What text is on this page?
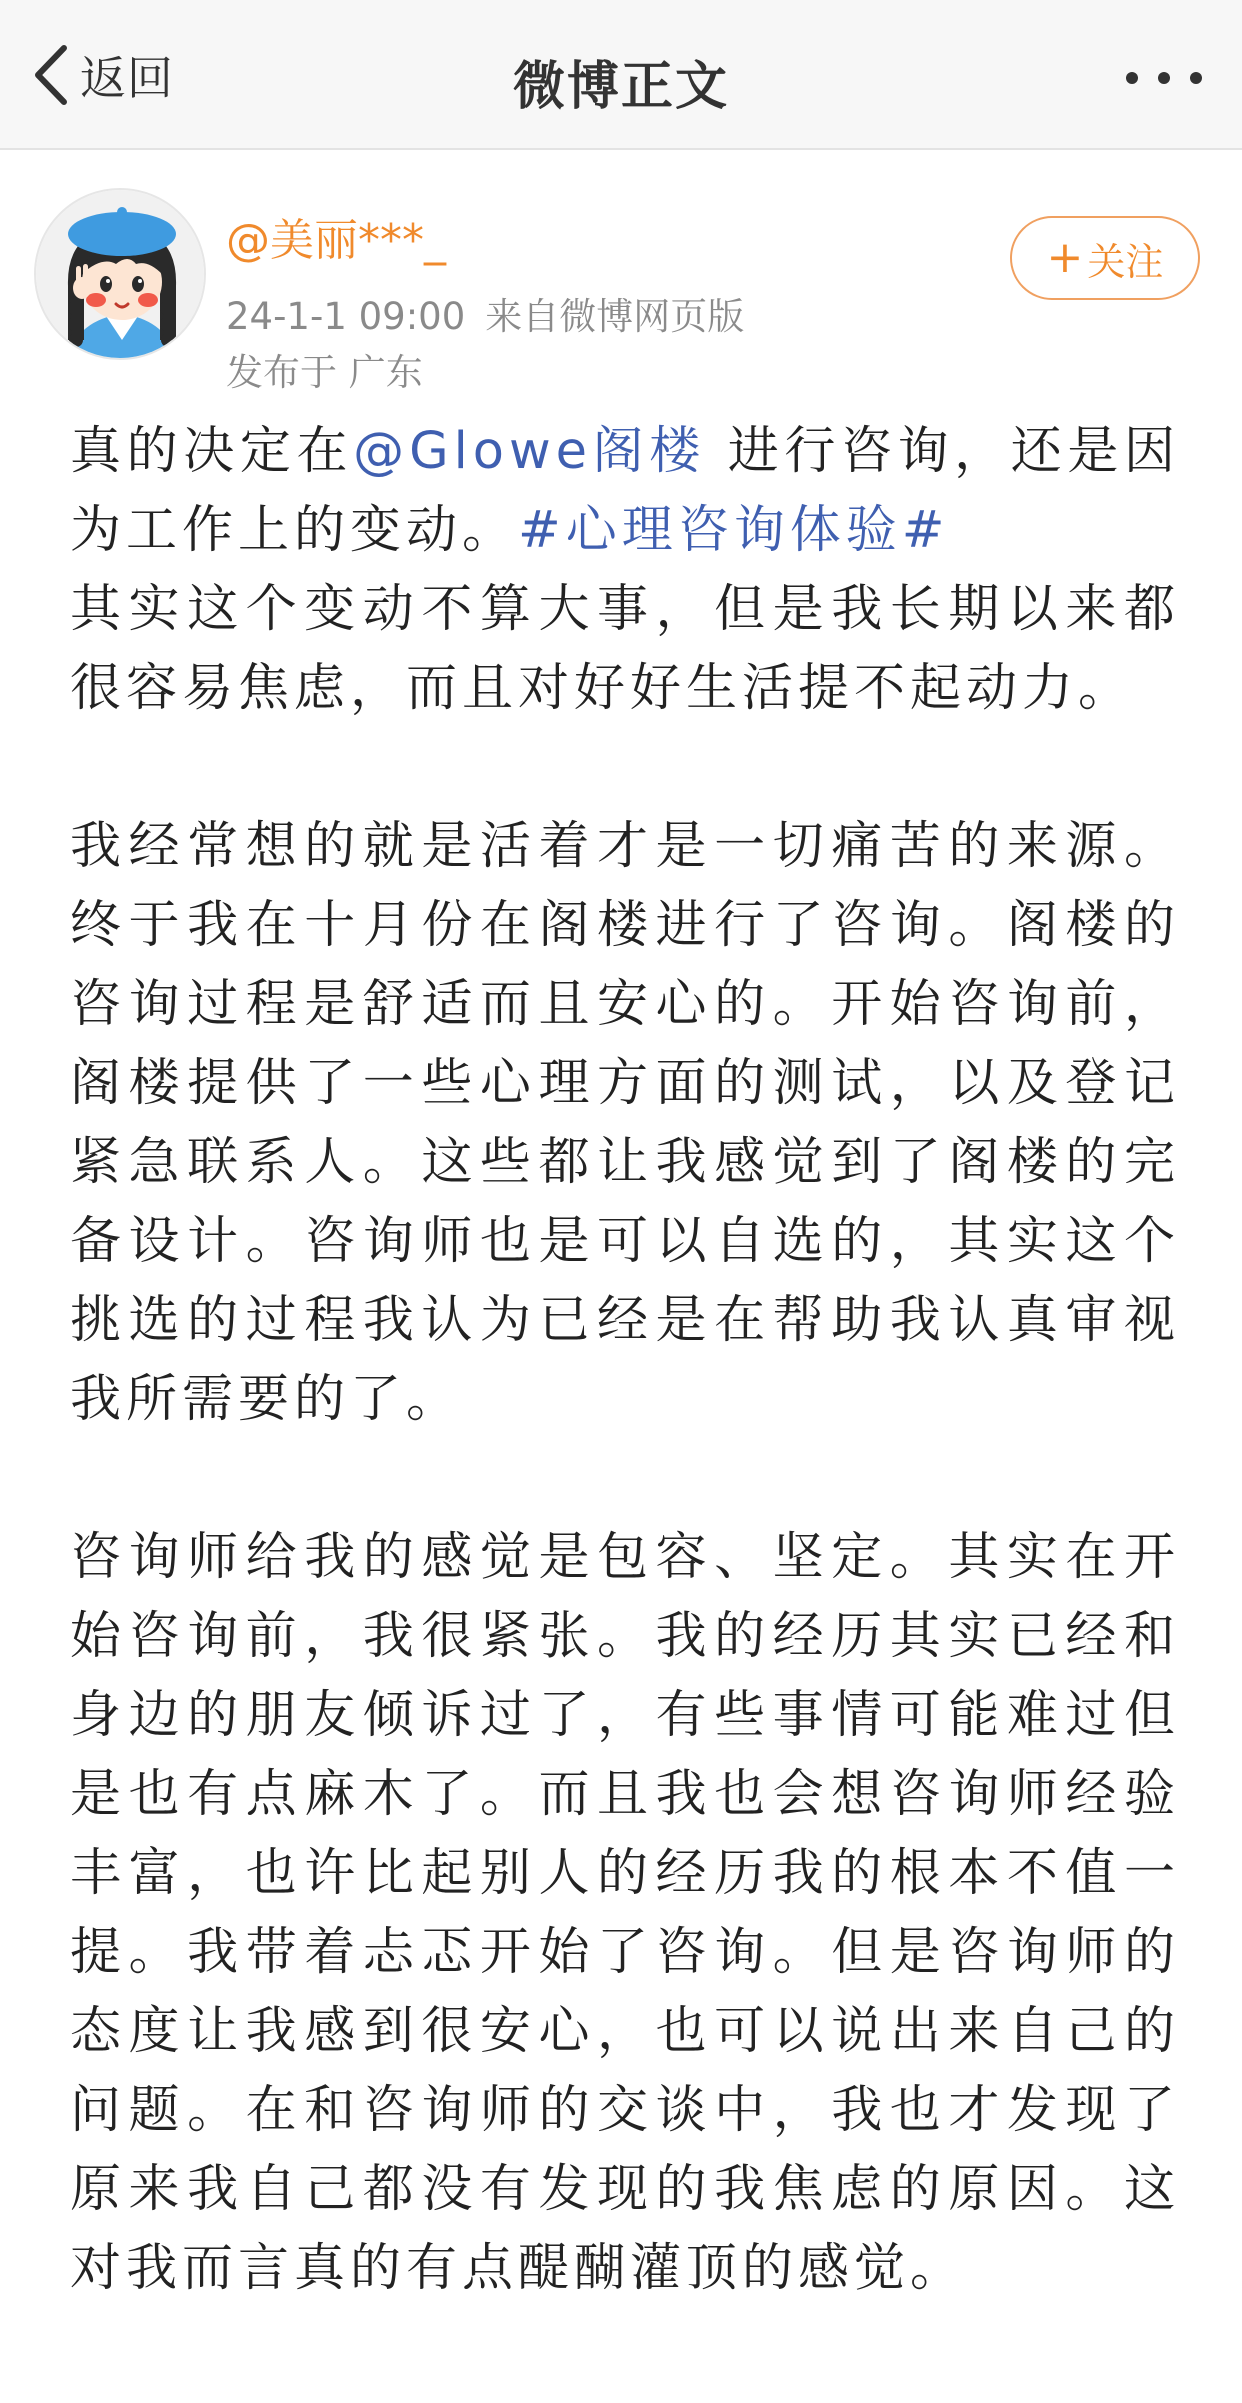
返回	微博正文
@美丽***_
24-1-1 09:00 来自微博网页版
发布于 广东
+ 关注

真的决定在@Glowe阁楼 进行咨询，还是因为工作上的变动。#心理咨询体验#
其实这个变动不算大事，但是我长期以来都很容易焦虑，而且对好好生活提不起动力。

我经常想的就是活着才是一切痛苦的来源。终于我在十月份在阁楼进行了咨询。阁楼的咨询过程是舒适而且安心的。开始咨询前，阁楼提供了一些心理方面的测试，以及登记紧急联系人。这些都让我感觉到了阁楼的完备设计。咨询师也是可以自选的，其实这个挑选的过程我认为已经是在帮助我认真审视我所需要的了。

咨询师给我的感觉是包容、坚定。其实在开始咨询前，我很紧张。我的经历其实已经和身边的朋友倾诉过了，有些事情可能难过但是也有点麻木了。而且我也会想咨询师经验丰富，也许比起别人的经历我的根本不值一提。我带着忐忑开始了咨询。但是咨询师的态度让我感到很安心，也可以说出来自己的问题。在和咨询师的交谈中，我也才发现了原来我自己都没有发现的我焦虑的原因。这对我而言真的有点醍醐灌顶的感觉。
